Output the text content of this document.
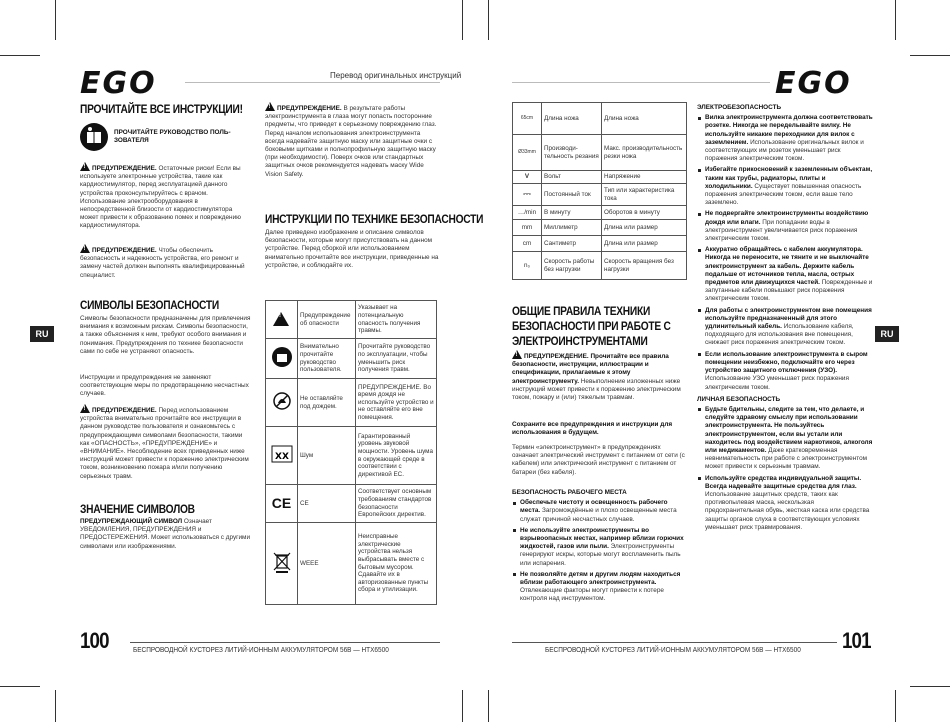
EGO	Перевод оригинальных инструкций
RU
ПРОЧИТАЙТЕ ВСЕ ИНСТРУКЦИИ!
ПРОЧИТАЙТЕ РУКОВОДСТВО ПОЛЬ-ЗОВАТЕЛЯ
!ПРЕДУПРЕЖДЕНИЕ. Остаточные риски! Если вы используете электронные устройства, такие как кардиостимулятор, перед эксплуатацией данного устройства проконсультируйтесь с врачом. Использование электрооборудования в непосредственной близости от кардиостимулятора может привести к образованию помех и повреждению кардиостимулятора.
!ПРЕДУПРЕЖДЕНИЕ. Чтобы обеспечить безопасность и надежность устройства, его ремонт и замену частей должен выполнять квалифицированный специалист.
СИМВОЛЫ БЕЗОПАСНОСТИ
Символы безопасности предназначены для привлечения внимания к возможным рискам. Символы безопасности, а также объяснения к ним, требуют особого внимания и понимания. Предупреждения по технике безопасности сами по себе не устраняют опасность.
Инструкции и предупреждения не заменяют соответствующие меры по предотвращению несчастных случаев.
!ПРЕДУПРЕЖДЕНИЕ. Перед использованием устройства внимательно прочитайте все инструкции в данном руководстве пользователя и ознакомьтесь с предупреждающими символами безопасности, такими как «ОПАСНОСТЬ», «ПРЕДУПРЕЖДЕНИЕ» и «ВНИМАНИЕ». Несоблюдение всех приведенных ниже инструкций может привести к поражению электрическим током, возникновению пожара и/или получению серьезных травм.
ЗНАЧЕНИЕ СИМВОЛОВ
ПРЕДУПРЕЖДАЮЩИЙ СИМВОЛ Означает УВЕДОМЛЕНИЯ, ПРЕДУПРЕЖДЕНИЯ и ПРЕДОСТЕРЕЖЕНИЯ. Может использоваться с другими символами или изображениями.
!ПРЕДУПРЕЖДЕНИЕ. В результате работы электроинструмента в глаза могут попасть посторонние предметы, что приведет к серьезному повреждению глаз. Перед началом использования электроинструмента всегда надевайте защитную маску или защитные очки с боковыми щитками и полнопрофильную защитную маску (при необходимости). Поверх очков или стандартных защитных очков рекомендуется надевать маску Wide Vision Safety.
ИНСТРУКЦИИ ПО ТЕХНИКЕ БЕЗОПАСНОСТИ
Далее приведено изображение и описание символов безопасности, которые могут присутствовать на данном устройстве. Перед сборкой или использованием внимательно прочитайте все инструкции, приведенные на устройстве, и соблюдайте их.
!	Предупреждение об опасности	Указывает на потенциальную опасность получения травмы.
	Внимательно прочитайте руководство пользователя.	Прочитайте руководство по эксплуатации, чтобы уменьшить риск получения травм.
	Не оставляйте под дождем.	ПРЕДУПРЕЖДЕНИЕ. Во время дождя не используйте устройство и не оставляйте его вне помещения.

XX	Шум	Гарантированный уровень звуковой мощности. Уровень шума в окружающей среде в соответствии с директивой ЕС.
CE	CE	Соответствует основным требованиям стандартов безопасности Европейских директив.
	WEEE	Неисправные электрические устройства нельзя выбрасывать вместе с бытовым мусором. Сдавайте их в авторизованные пункты сбора и утилизации.
100	БЕСПРОВОДНОЙ КУСТОРЕЗ ЛИТИЙ-ИОННЫМ АККУМУЛЯТОРОМ 56В — HTX6500
EGO
RU
65cm	Длина ножа	Длина ножа
Ø33mm	Производи-тельность резания	Макс. производительность резки ножа
V	Вольт	Напряжение
⎓	Постоянный ток	Тип или характеристика тока
…/min	В минуту	Оборотов в минуту
mm	Миллиметр	Длина или размер
cm	Сантиметр	Длина или размер
n₀	Скорость работы без нагрузки	Скорость вращения без нагрузки
ОБЩИЕ ПРАВИЛА ТЕХНИКИ БЕЗОПАСНОСТИ ПРИ РАБОТЕ С ЭЛЕКТРОИНСТРУМЕНТАМИ
!ПРЕДУПРЕЖДЕНИЕ. Прочитайте все правила безопасности, инструкции, иллюстрации и спецификации, прилагаемые к этому электроинструменту. Невыполнение изложенных ниже инструкций может привести к поражению электрическим током, пожару и (или) тяжелым травмам.
Сохраните все предупреждения и инструкции для использования в будущем.
Термин «электроинструмент» в предупреждениях означает электрический инструмент с питанием от сети (с кабелем) или электрический инструмент с питанием от батареи (без кабеля).
БЕЗОПАСНОСТЬ РАБОЧЕГО МЕСТА
Обеспечьте чистоту и освещенность рабочего места. Загромождённые и плохо освещенные места служат причиной несчастных случаев.
Не используйте электроинструменты во взрывоопасных местах, например вблизи горючих жидкостей, газов или пыли. Электроинструменты генерируют искры, которые могут воспламенить пыль или испарения.
Не позволяйте детям и другим людям находиться вблизи работающего электроинструмента. Отвлекающие факторы могут привести к потере контроля над инструментом.
ЭЛЕКТРОБЕЗОПАСНОСТЬ
Вилка электроинструмента должна соответствовать розетке. Никогда не переделывайте вилку. Не используйте никакие переходники для вилок с заземлением. Использование оригинальных вилок и соответствующих им розеток уменьшает риск поражения электрическим током.
Избегайте прикосновений к заземленным объектам, таким как трубы, радиаторы, плиты и холодильники. Существует повышенная опасность поражения электрическим током, если ваше тело заземлено.
Не подвергайте электроинструменты воздействию дождя или влаги. При попадании воды в электроинструмент увеличивается риск поражения электрическим током.
Аккуратно обращайтесь с кабелем аккумулятора. Никогда не переносите, не тяните и не выключайте электроинструмент за кабель. Держите кабель подальше от источников тепла, масла, острых предметов или движущихся частей. Поврежденные и запутанные кабели повышают риск поражения электрическим током.
Для работы с электроинструментом вне помещения используйте предназначенный для этого удлинительный кабель. Использование кабеля, подходящего для использования вне помещения, снижает риск поражения электрическим током.
Если использование электроинструмента в сыром помещении неизбежно, подключайте его через устройство защитного отключения (УЗО). Использование УЗО уменьшает риск поражения электрическим током.
ЛИЧНАЯ БЕЗОПАСНОСТЬ
Будьте бдительны, следите за тем, что делаете, и следуйте здравому смыслу при использовании электроинструмента. Не пользуйтесь электроинструментом, если вы устали или находитесь под воздействием наркотиков, алкоголя или медикаментов. Даже кратковременная невнимательность при работе с электроинструментом может привести к серьезным травмам.
Используйте средства индивидуальной защиты. Всегда надевайте защитные средства для глаз. Использование защитных средств, таких как противопылевая маска, нескользкая предохранительная обувь, жесткая каска или средства защиты органов слуха в соответствующих условиях уменьшает риск травмирования.
БЕСПРОВОДНОЙ КУСТОРЕЗ ЛИТИЙ-ИОННЫМ АККУМУЛЯТОРОМ 56В — HTX6500 101
